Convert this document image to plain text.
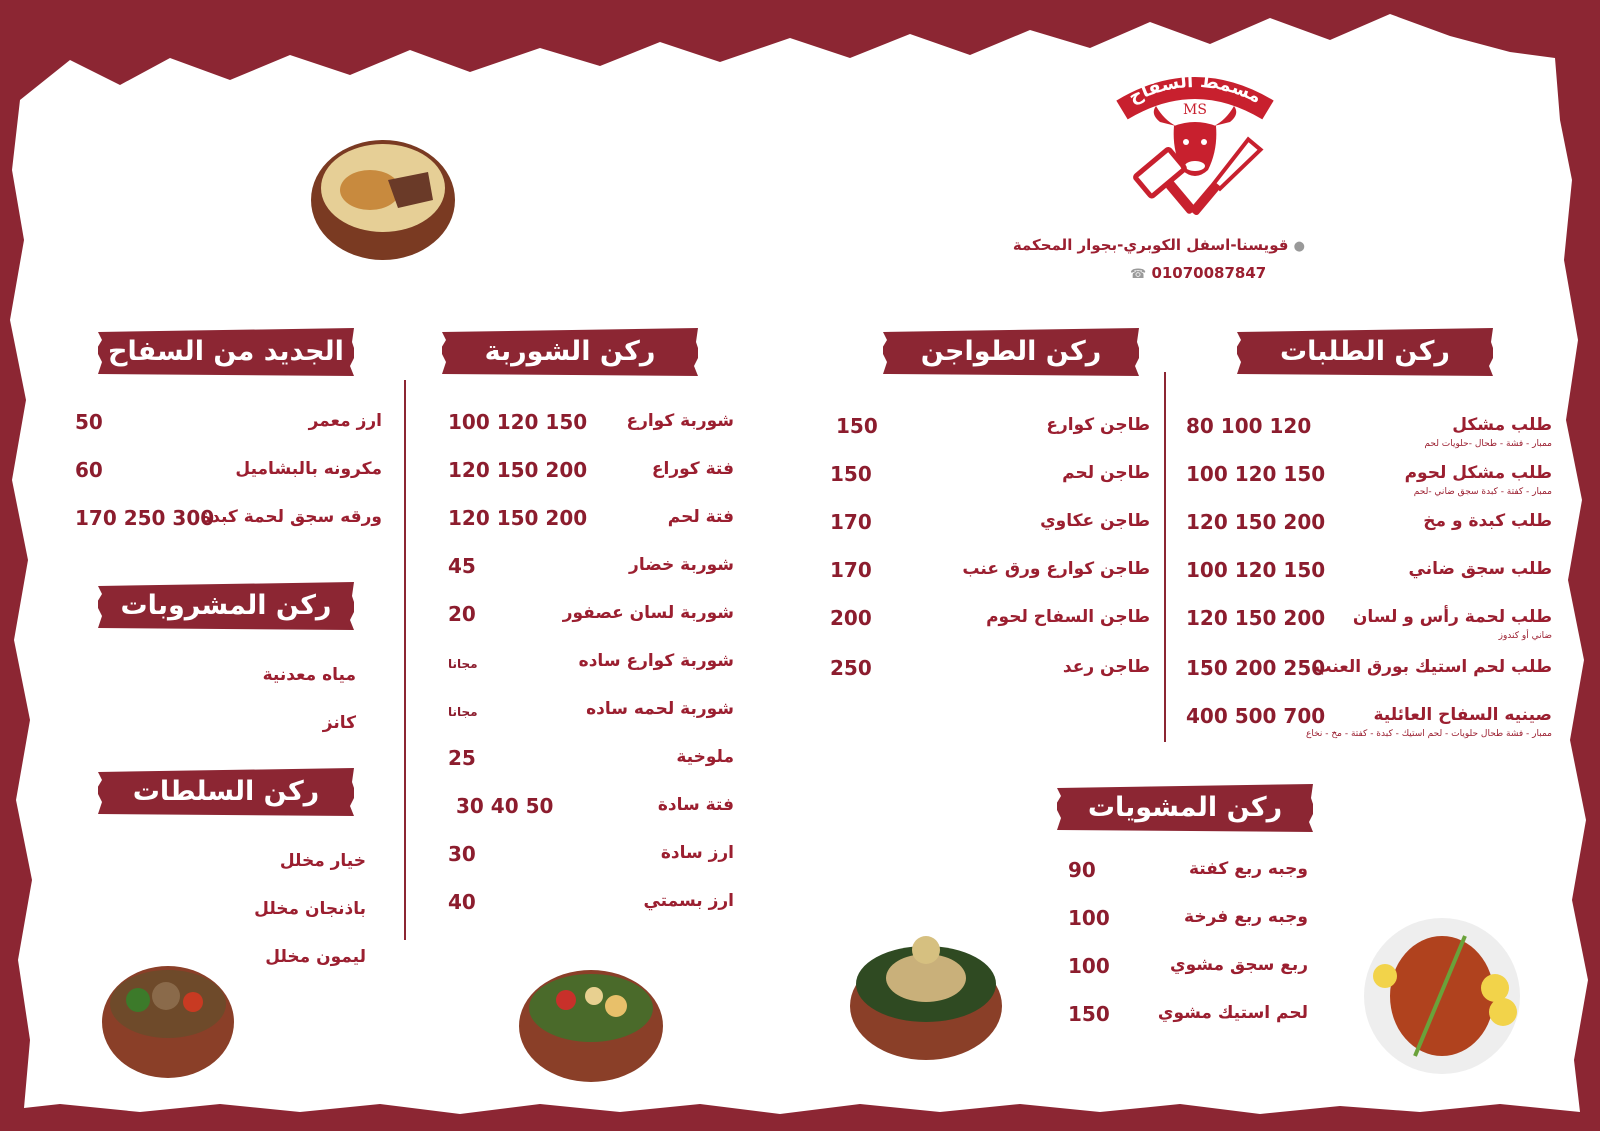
مسمط السفاح
MS
● قويسنا-اسفل الكوبري-بجوار المحكمة
☎ 01070087847
ركن الطلبات
ركن الطواجن
ركن الشوربة
الجديد من السفاح
ركن المشروبات
ركن السلطات مجاني
ركن المشويات
طلب مشكل
ممبار - فشة - طحال -حلويات لحم
80 100 120
طلب مشكل لحوم
ممبار - كفتة - كبدة سجق ضاني -لحم
100 120 150
طلب كبدة و مخ
120 150 200
طلب سجق ضاني
100 120 150
طلب لحمة رأس و لسان
ضاني أو كندوز
120 150 200
طلب لحم استيك بورق العنب
150 200 250
صينيه السفاح العائلية
ممبار - فشة طحال حلويات - لحم استيك - كبدة - كفتة - مخ - نخاع
400 500 700
طاجن كوارع
150
طاجن لحم
150
طاجن عكاوي
170
طاجن كوارع ورق عنب
170
طاجن السفاح لحوم
200
طاجن رعد
250
شوربة كوارع
100 120 150
فتة كوراع
120 150 200
فتة لحم
120 150 200
شوربة خضار
45
شوربة لسان عصفور
20
شوربة كوارع ساده
مجانا
شوربة لحمه ساده
مجانا
ملوخية
25
فتة سادة
30 40 50
ارز سادة
30
ارز بسمتي
40
ارز معمر
50
مكرونه بالبشاميل
60
ورقه سجق لحمة كبدة
170 250 300
مياه معدنية
كانز
خيار مخلل
باذنجان مخلل
ليمون مخلل
وجبه ربع كفتة
90
وجبه ربع فرخة
100
ربع سجق مشوي
100
لحم استيك مشوي
150
